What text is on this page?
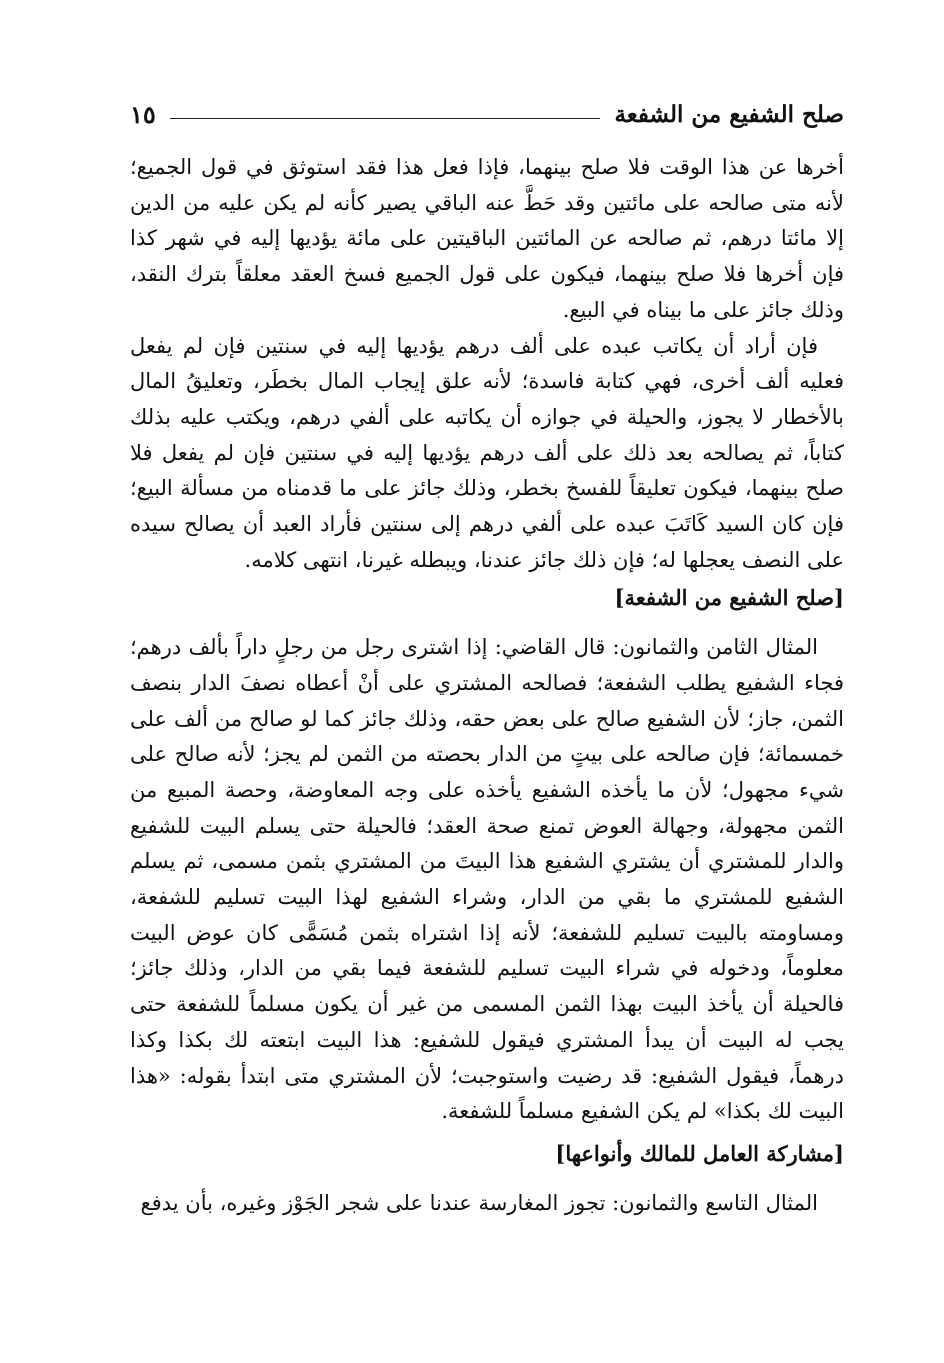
صلح الشفيع من الشفعة
١٥

أخرها عن هذا الوقت فلا صلح بينهما، فإذا فعل هذا فقد استوثق في قول الجميع؛ لأنه متى صالحه على مائتين وقد حَطَّ عنه الباقي يصير كأنه لم يكن عليه من الدين إلا مائتا درهم، ثم صالحه عن المائتين الباقيتين على مائة يؤديها إليه في شهر كذا فإن أخرها فلا صلح بينهما، فيكون على قول الجميع فسخ العقد معلقاً بترك النقد، وذلك جائز على ما بيناه في البيع.

فإن أراد أن يكاتب عبده على ألف درهم يؤديها إليه في سنتين فإن لم يفعل فعليه ألف أخرى، فهي كتابة فاسدة؛ لأنه علق إيجاب المال بخطَر، وتعليقُ المال بالأخطار لا يجوز، والحيلة في جوازه أن يكاتبه على ألفي درهم، ويكتب عليه بذلك كتاباً، ثم يصالحه بعد ذلك على ألف درهم يؤديها إليه في سنتين فإن لم يفعل فلا صلح بينهما، فيكون تعليقاً للفسخ بخطر، وذلك جائز على ما قدمناه من مسألة البيع؛ فإن كان السيد كَاتَبَ عبده على ألفي درهم إلى سنتين فأراد العبد أن يصالح سيده على النصف يعجلها له؛ فإن ذلك جائز عندنا، ويبطله غيرنا، انتهى كلامه.

[صلح الشفيع من الشفعة]

المثال الثامن والثمانون: قال القاضي: إذا اشترى رجل من رجلٍ داراً بألف درهم؛ فجاء الشفيع يطلب الشفعة؛ فصالحه المشتري على أنْ أعطاه نصفَ الدار بنصف الثمن، جاز؛ لأن الشفيع صالح على بعض حقه، وذلك جائز كما لو صالح من ألف على خمسمائة؛ فإن صالحه على بيتٍ من الدار بحصته من الثمن لم يجز؛ لأنه صالح على شيء مجهول؛ لأن ما يأخذه الشفيع يأخذه على وجه المعاوضة، وحصة المبيع من الثمن مجهولة، وجهالة العوض تمنع صحة العقد؛ فالحيلة حتى يسلم البيت للشفيع والدار للمشتري أن يشتري الشفيع هذا البيتَ من المشتري بثمن مسمى، ثم يسلم الشفيع للمشتري ما بقي من الدار، وشراء الشفيع لهذا البيت تسليم للشفعة، ومساومته بالبيت تسليم للشفعة؛ لأنه إذا اشتراه بثمن مُسَمًّى كان عوض البيت معلوماً، ودخوله في شراء البيت تسليم للشفعة فيما بقي من الدار، وذلك جائز؛ فالحيلة أن يأخذ البيت بهذا الثمن المسمى من غير أن يكون مسلماً للشفعة حتى يجب له البيت أن يبدأ المشتري فيقول للشفيع: هذا البيت ابتعته لك بكذا وكذا درهماً، فيقول الشفيع: قد رضيت واستوجبت؛ لأن المشتري متى ابتدأ بقوله: «هذا البيت لك بكذا» لم يكن الشفيع مسلماً للشفعة.

[مشاركة العامل للمالك وأنواعها]

المثال التاسع والثمانون: تجوز المغارسة عندنا على شجر الجَوْز وغيره، بأن يدفع
